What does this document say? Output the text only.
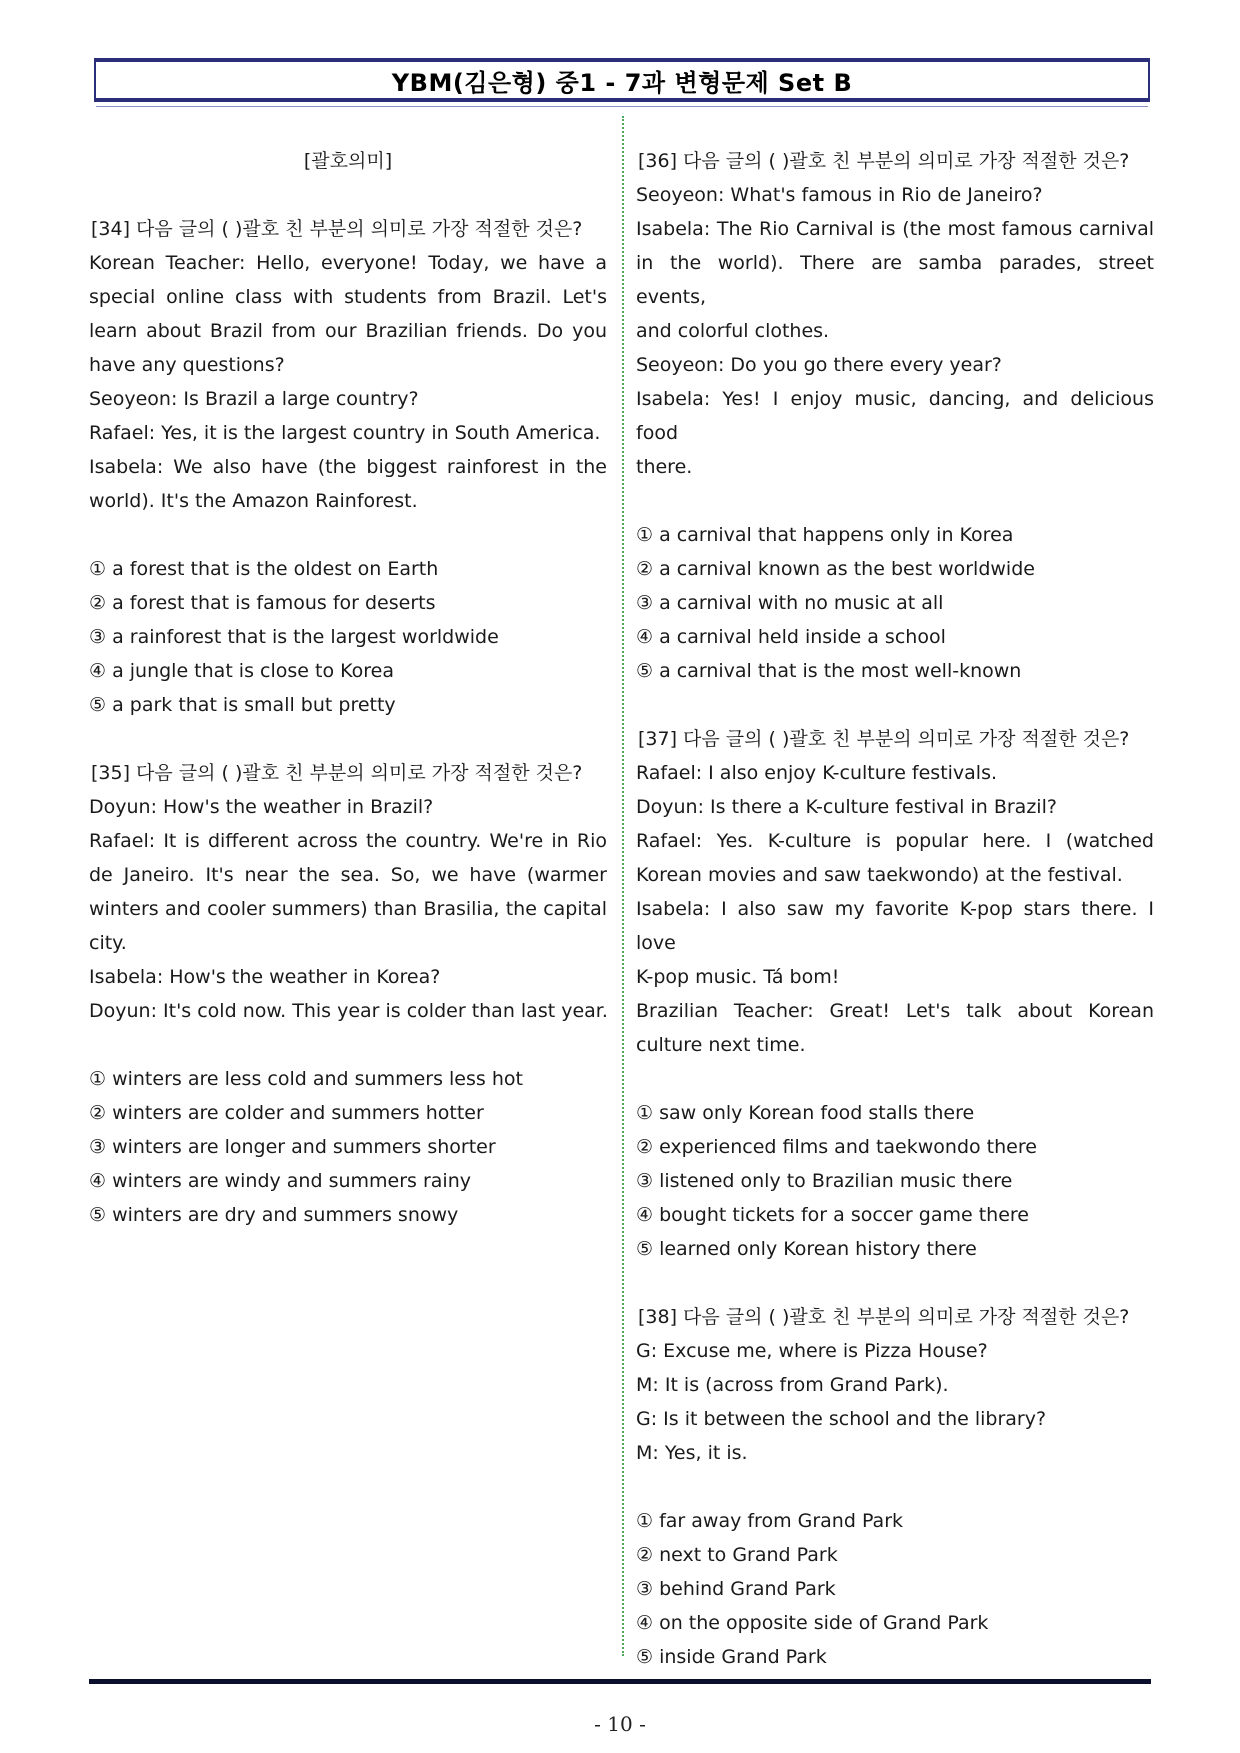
YBM(김은형) 중1 - 7과 변형문제 Set B
[괄호의미]
[34] 다음 글의 ( )괄호 친 부분의 의미로 가장 적절한 것은?
Korean Teacher: Hello, everyone! Today, we have a
special online class with students from Brazil. Let's
learn about Brazil from our Brazilian friends. Do you
have any questions?
Seoyeon: Is Brazil a large country?
Rafael: Yes, it is the largest country in South America.
Isabela: We also have (the biggest rainforest in the
world). It's the Amazon Rainforest.
① a forest that is the oldest on Earth
② a forest that is famous for deserts
③ a rainforest that is the largest worldwide
④ a jungle that is close to Korea
⑤ a park that is small but pretty
[35] 다음 글의 ( )괄호 친 부분의 의미로 가장 적절한 것은?
Doyun: How's the weather in Brazil?
Rafael: It is different across the country. We're in Rio
de Janeiro. It's near the sea. So, we have (warmer
winters and cooler summers) than Brasilia, the capital
city.
Isabela: How's the weather in Korea?
Doyun: It's cold now. This year is colder than last year.
① winters are less cold and summers less hot
② winters are colder and summers hotter
③ winters are longer and summers shorter
④ winters are windy and summers rainy
⑤ winters are dry and summers snowy
[36] 다음 글의 ( )괄호 친 부분의 의미로 가장 적절한 것은?
Seoyeon: What's famous in Rio de Janeiro?
Isabela: The Rio Carnival is (the most famous carnival
in the world). There are samba parades, street events,
and colorful clothes.
Seoyeon: Do you go there every year?
Isabela: Yes! I enjoy music, dancing, and delicious food
there.
① a carnival that happens only in Korea
② a carnival known as the best worldwide
③ a carnival with no music at all
④ a carnival held inside a school
⑤ a carnival that is the most well-known
[37] 다음 글의 ( )괄호 친 부분의 의미로 가장 적절한 것은?
Rafael: I also enjoy K-culture festivals.
Doyun: Is there a K-culture festival in Brazil?
Rafael: Yes. K-culture is popular here. I (watched
Korean movies and saw taekwondo) at the festival.
Isabela: I also saw my favorite K-pop stars there. I love
K-pop music. Tá bom!
Brazilian Teacher: Great! Let's talk about Korean
culture next time.
① saw only Korean food stalls there
② experienced films and taekwondo there
③ listened only to Brazilian music there
④ bought tickets for a soccer game there
⑤ learned only Korean history there
[38] 다음 글의 ( )괄호 친 부분의 의미로 가장 적절한 것은?
G: Excuse me, where is Pizza House?
M: It is (across from Grand Park).
G: Is it between the school and the library?
M: Yes, it is.
① far away from Grand Park
② next to Grand Park
③ behind Grand Park
④ on the opposite side of Grand Park
⑤ inside Grand Park
- 10 -
